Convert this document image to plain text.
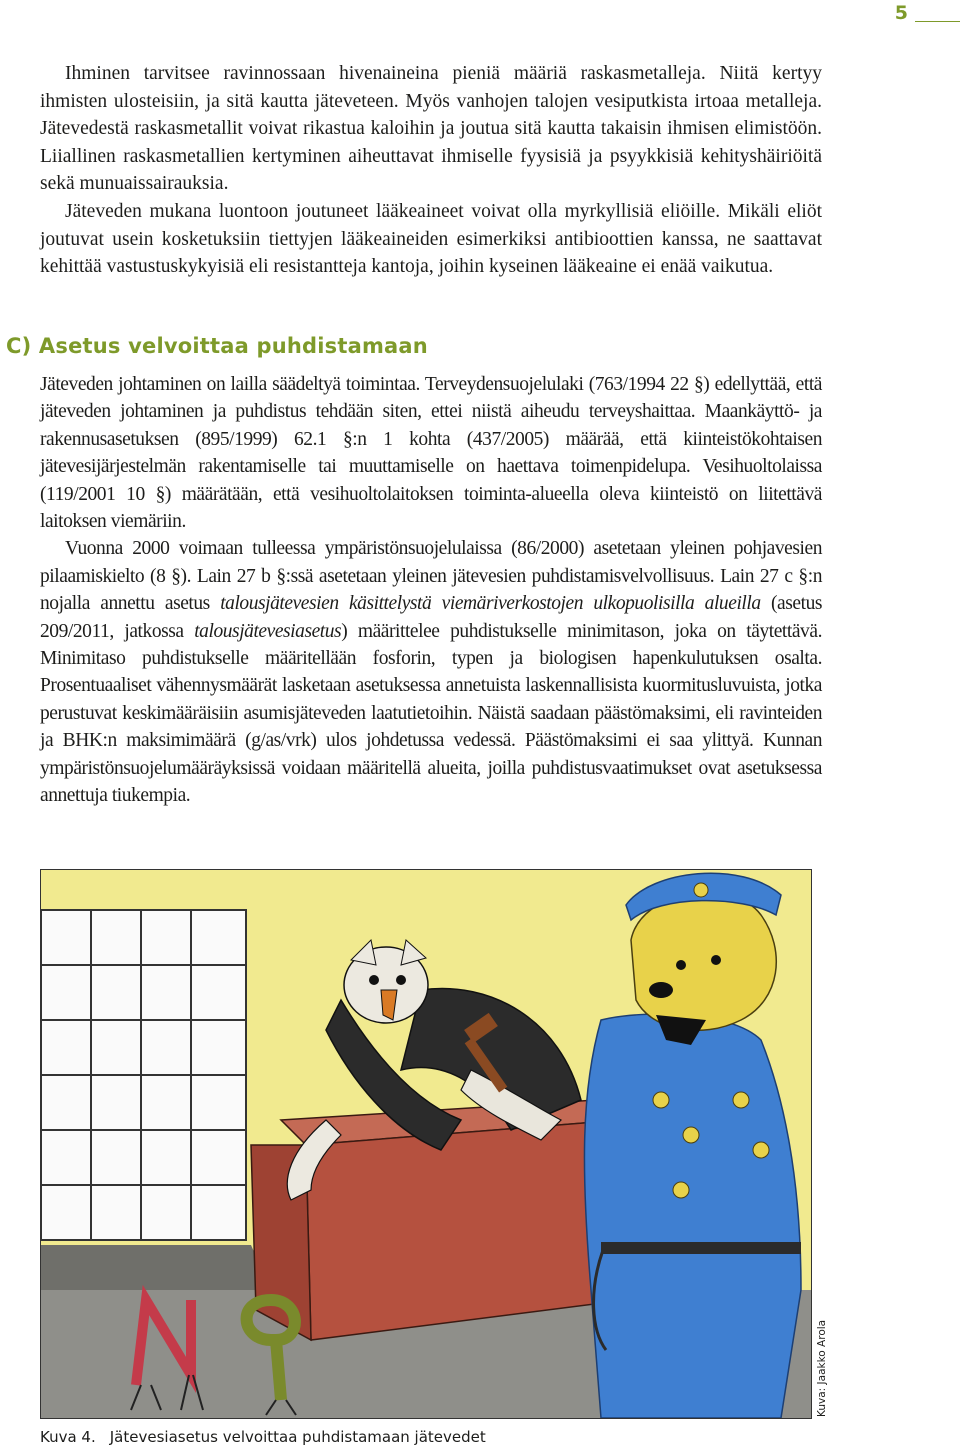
5

Ihminen tarvitsee ravinnossaan hivenaineina pieniä määriä raskasmetalleja. Niitä kertyy ihmisten ulosteisiin, ja sitä kautta jäteveteen. Myös vanhojen talojen vesiputkista irtoaa metalleja. Jätevedestä raskasmetallit voivat rikastua kaloihin ja joutua sitä kautta takaisin ihmisen elimistöön. Liiallinen raskasmetallien kertyminen aiheuttavat ihmiselle fyysisiä ja psyykkisiä kehityshäiriöitä sekä munuaissairauksia.

Jäteveden mukana luontoon joutuneet lääkeaineet voivat olla myrkyllisiä eliöille. Mikäli eliöt joutuvat usein kosketuksiin tiettyjen lääkeaineiden esimerkiksi antibioottien kanssa, ne saattavat kehittää vastustuskykyisiä eli resistantteja kantoja, joihin kyseinen lääkeaine ei enää vaikutua.

C) Asetus velvoittaa puhdistamaan

Jäteveden johtaminen on lailla säädeltyä toimintaa. Terveydensuojelulaki (763/1994 22 §) edellyttää, että jäteveden johtaminen ja puhdistus tehdään siten, ettei niistä aiheudu terveyshaittaa. Maankäyttö- ja rakennusasetuksen (895/1999) 62.1 §:n 1 kohta (437/2005) määrää, että kiinteistökohtaisen jätevesijärjestelmän rakentamiselle tai muuttamiselle on haettava toimenpidelupa. Vesihuoltolaissa (119/2001 10 §) määrätään, että vesihuoltolaitoksen toiminta-alueella oleva kiinteistö on liitettävä laitoksen viemäriin.

Vuonna 2000 voimaan tulleessa ympäristönsuojelulaissa (86/2000) asetetaan yleinen pohjavesien pilaamiskielto (8 §). Lain 27 b §:ssä asetetaan yleinen jätevesien puhdistamisvelvollisuus. Lain 27 c §:n nojalla annettu asetus talousjätevesien käsittelystä viemäriverkostojen ulkopuolisilla alueilla (asetus 209/2011, jatkossa talousjätevesiasetus) määrittelee puhdistukselle minimitason, joka on täytettävä. Minimitaso puhdistukselle määritellään fosforin, typen ja biologisen hapenkulutuksen osalta. Prosentuaaliset vähennysmäärät lasketaan asetuksessa annetuista laskennallisista kuormitusluvuista, jotka perustuvat keskimääräisiin asumisjäteveden laatutietoihin. Näistä saadaan päästömaksimi, eli ravinteiden ja BHK:n maksimimäärä (g/as/vrk) ulos johdetussa vedessä. Päästömaksimi ei saa ylittyä. Kunnan ympäristönsuojelumääräyksissä voidaan määritellä alueita, joilla puhdistusvaatimukset ovat asetuksessa annettuja tiukempia.

Kuva: Jaakko Arola
Kuva 4. Jätevesiasetus velvoittaa puhdistamaan jätevedet
